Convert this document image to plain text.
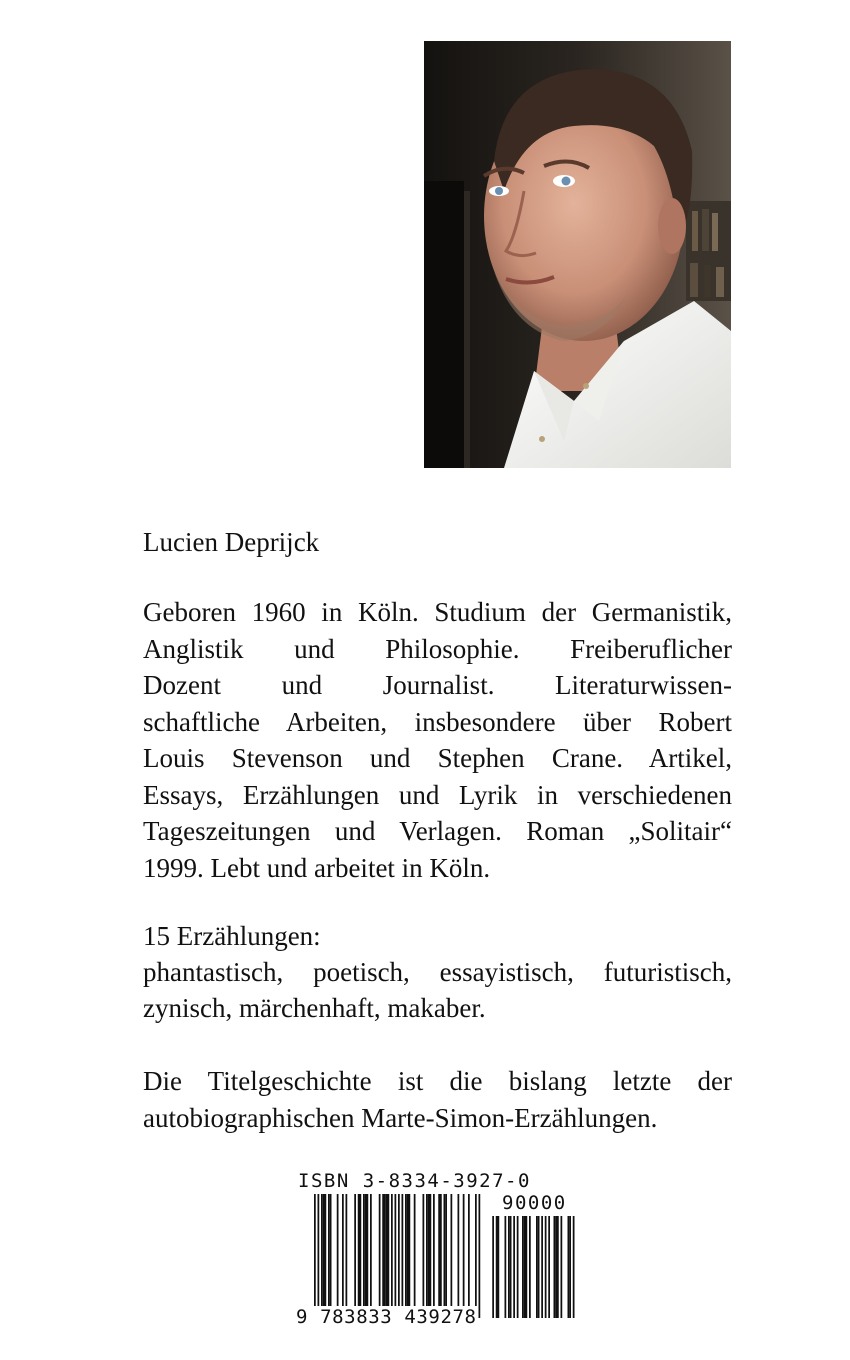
Lucien Deprijck

Geboren 1960 in Köln. Studium der Germanistik,
Anglistik und Philosophie. Freiberuflicher
Dozent und Journalist. Literaturwissen-
schaftliche Arbeiten, insbesondere über Robert
Louis Stevenson und Stephen Crane. Artikel,
Essays, Erzählungen und Lyrik in verschiedenen
Tageszeitungen und Verlagen. Roman „Solitair“
1999. Lebt und arbeitet in Köln.

15 Erzählungen:

phantastisch, poetisch, essayistisch, futuristisch,

zynisch, märchenhaft, makaber.

Die Titelgeschichte ist die bislang letzte der
autobiographischen Marte-Simon-Erzählungen.
ISBN 3-8334-3927-0
90000
9 783833 439278
